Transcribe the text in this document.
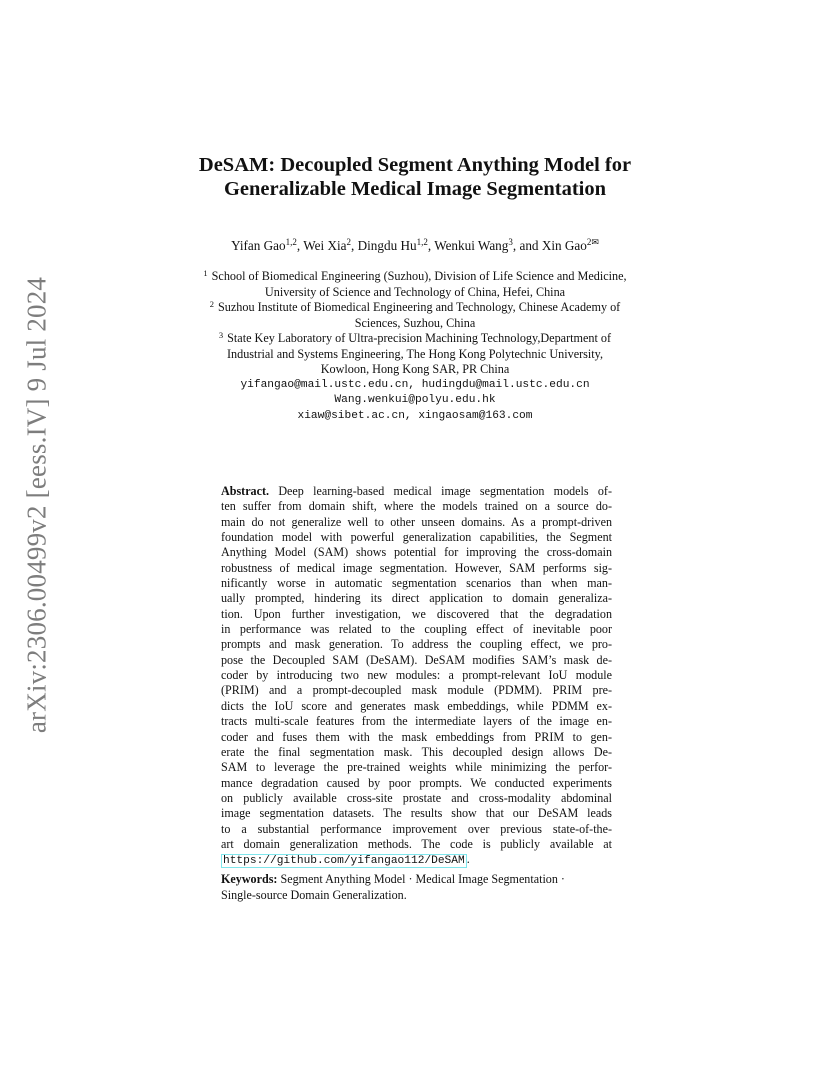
arXiv:2306.00499v2 [eess.IV] 9 Jul 2024
DeSAM: Decoupled Segment Anything Model for
Generalizable Medical Image Segmentation
Yifan Gao$^{1,2}$, Wei Xia$^2$, Dingdu Hu$^{1,2}$, Wenkui Wang$^3$, and Xin Gao$^{2✉}$
$^1$ School of Biomedical Engineering (Suzhou), Division of Life Science and Medicine,
University of Science and Technology of China, Hefei, China
$^2$ Suzhou Institute of Biomedical Engineering and Technology, Chinese Academy of
Sciences, Suzhou, China
$^3$ State Key Laboratory of Ultra-precision Machining Technology,Department of
Industrial and Systems Engineering, The Hong Kong Polytechnic University,
Kowloon, Hong Kong SAR, PR China
yifangao@mail.ustc.edu.cn, hudingdu@mail.ustc.edu.cn
Wang.wenkui@polyu.edu.hk
xiaw@sibet.ac.cn, xingaosam@163.com
Abstract. Deep learning-based medical image segmentation models of-
ten suffer from domain shift, where the models trained on a source do-
main do not generalize well to other unseen domains. As a prompt-driven
foundation model with powerful generalization capabilities, the Segment
Anything Model (SAM) shows potential for improving the cross-domain
robustness of medical image segmentation. However, SAM performs sig-
nificantly worse in automatic segmentation scenarios than when man-
ually prompted, hindering its direct application to domain generaliza-
tion. Upon further investigation, we discovered that the degradation
in performance was related to the coupling effect of inevitable poor
prompts and mask generation. To address the coupling effect, we pro-
pose the Decoupled SAM (DeSAM). DeSAM modifies SAM’s mask de-
coder by introducing two new modules: a prompt-relevant IoU module
(PRIM) and a prompt-decoupled mask module (PDMM). PRIM pre-
dicts the IoU score and generates mask embeddings, while PDMM ex-
tracts multi-scale features from the intermediate layers of the image en-
coder and fuses them with the mask embeddings from PRIM to gen-
erate the final segmentation mask. This decoupled design allows De-
SAM to leverage the pre-trained weights while minimizing the perfor-
mance degradation caused by poor prompts. We conducted experiments
on publicly available cross-site prostate and cross-modality abdominal
image segmentation datasets. The results show that our DeSAM leads
to a substantial performance improvement over previous state-of-the-
art domain generalization methods. The code is publicly available at
https://github.com/yifangao112/DeSAM .
Keywords: Segment Anything Model · Medical Image Segmentation ·
Single-source Domain Generalization.
